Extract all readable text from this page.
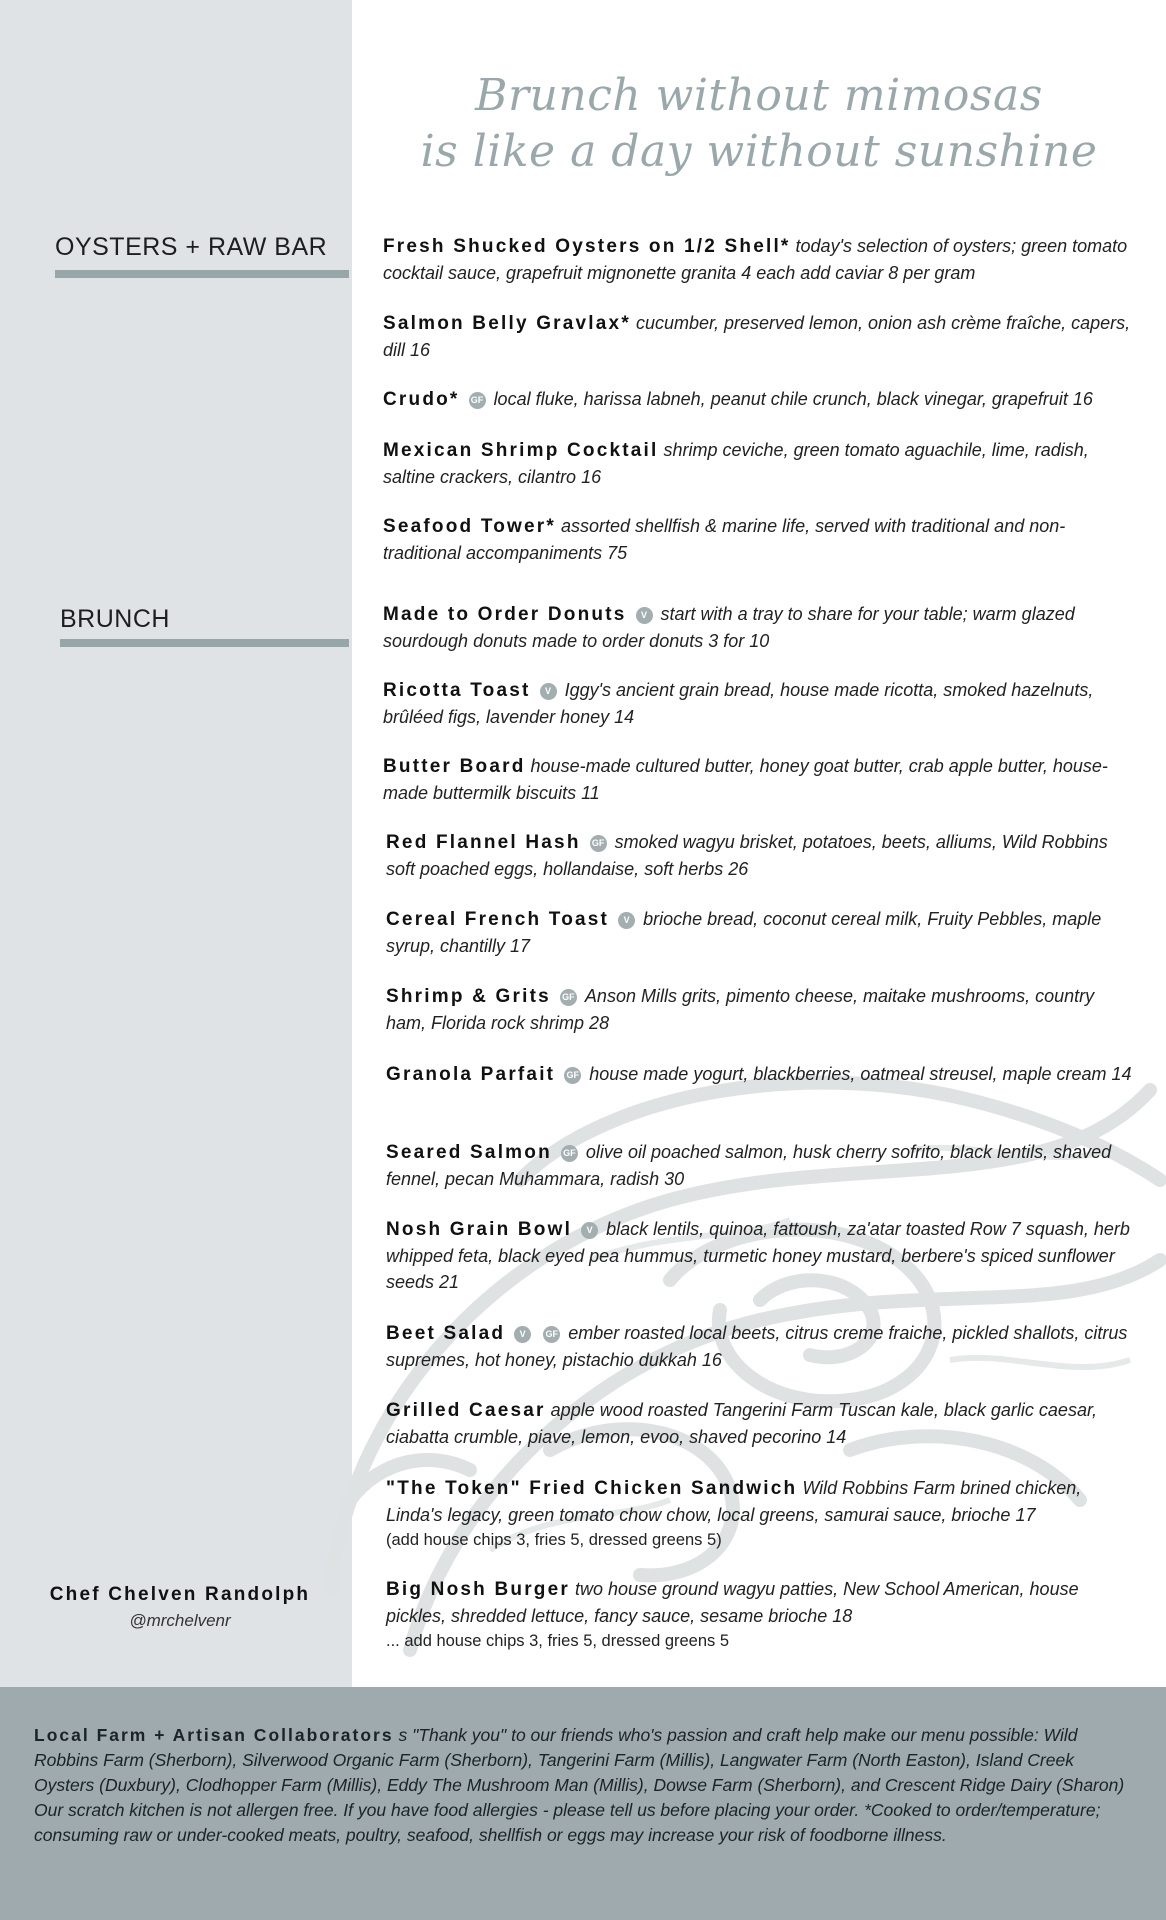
Brunch without mimosas
is like a day without sunshine
OYSTERS + RAW BAR
BRUNCH
Fresh Shucked Oysters on 1/2 Shell* today's selection of oysters; green tomato cocktail sauce, grapefruit mignonette granita 4 each add caviar 8 per gram
Salmon Belly Gravlax* cucumber, preserved lemon, onion ash crème fraîche, capers, dill 16
Crudo* GF local fluke, harissa labneh, peanut chile crunch, black vinegar, grapefruit 16
Mexican Shrimp Cocktail shrimp ceviche, green tomato aguachile, lime, radish, saltine crackers, cilantro 16
Seafood Tower* assorted shellfish & marine life, served with traditional and non-traditional accompaniments 75
Made to Order Donuts V start with a tray to share for your table; warm glazed sourdough donuts made to order donuts 3 for 10
Ricotta Toast V Iggy's ancient grain bread, house made ricotta, smoked hazelnuts, brûléed figs, lavender honey 14
Butter Board house-made cultured butter, honey goat butter, crab apple butter, house-made buttermilk biscuits 11
Red Flannel Hash GF smoked wagyu brisket, potatoes, beets, alliums, Wild Robbins soft poached eggs, hollandaise, soft herbs 26
Cereal French Toast V brioche bread, coconut cereal milk, Fruity Pebbles, maple syrup, chantilly 17
Shrimp & Grits GF Anson Mills grits, pimento cheese, maitake mushrooms, country ham, Florida rock shrimp 28
Granola Parfait GF house made yogurt, blackberries, oatmeal streusel, maple cream 14
Seared Salmon GF olive oil poached salmon, husk cherry sofrito, black lentils, shaved fennel, pecan Muhammara, radish 30
Nosh Grain Bowl V black lentils, quinoa, fattoush, za'atar toasted Row 7 squash, herb whipped feta, black eyed pea hummus, turmetic honey mustard, berbere's spiced sunflower seeds 21
Beet Salad V GF ember roasted local beets, citrus creme fraiche, pickled shallots, citrus supremes, hot honey, pistachio dukkah 16
Grilled Caesar apple wood roasted Tangerini Farm Tuscan kale, black garlic caesar, ciabatta crumble, piave, lemon, evoo, shaved pecorino 14
"The Token" Fried Chicken Sandwich Wild Robbins Farm brined chicken, Linda's legacy, green tomato chow chow, local greens, samurai sauce, brioche 17
(add house chips 3, fries 5, dressed greens 5)
Big Nosh Burger two house ground wagyu patties, New School American, house pickles, shredded lettuce, fancy sauce, sesame brioche 18
... add house chips 3, fries 5, dressed greens 5
Chef Chelven Randolph
@mrchelvenr
Local Farm + Artisan Collaborators s "Thank you" to our friends who's passion and craft help make our menu possible: Wild Robbins Farm (Sherborn), Silverwood Organic Farm (Sherborn), Tangerini Farm (Millis), Langwater Farm (North Easton), Island Creek Oysters (Duxbury), Clodhopper Farm (Millis), Eddy The Mushroom Man (Millis), Dowse Farm (Sherborn), and Crescent Ridge Dairy (Sharon)
Our scratch kitchen is not allergen free. If you have food allergies - please tell us before placing your order. *Cooked to order/temperature; consuming raw or under-cooked meats, poultry, seafood, shellfish or eggs may increase your risk of foodborne illness.
